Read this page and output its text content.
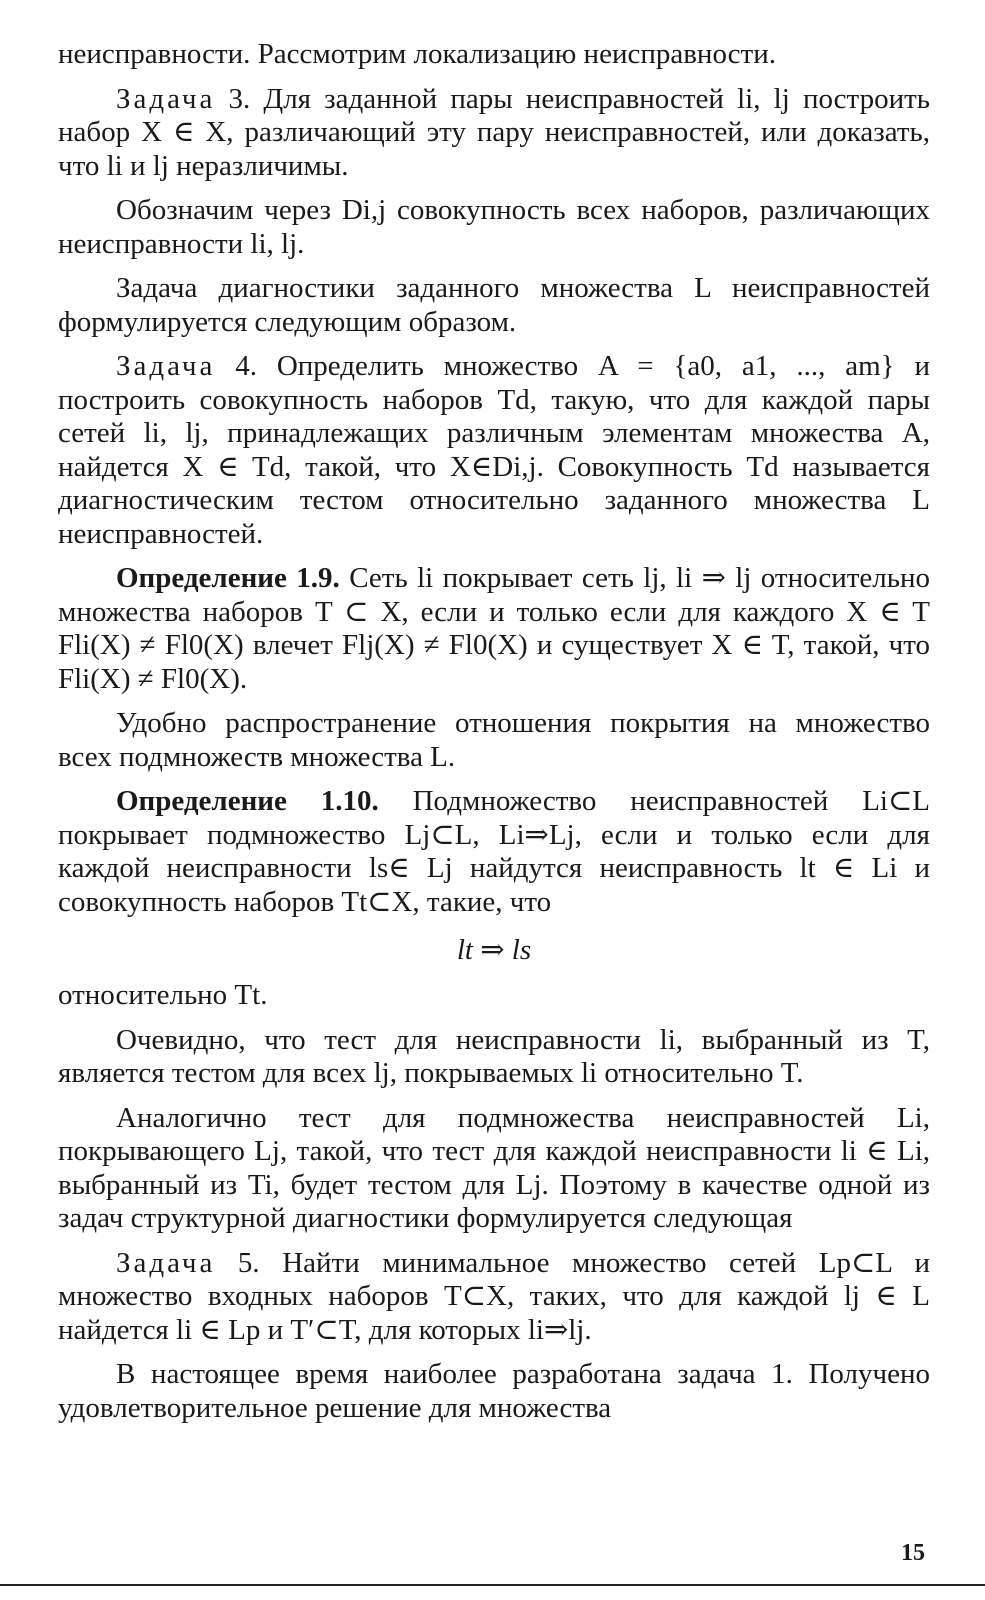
неисправности. Рассмотрим локализацию неисправности.

Задача 3. Для заданной пары неисправностей li, lj построить набор X ∈ X, различающий эту пару неисправностей, или доказать, что li и lj неразличимы.

Обозначим через Di,j совокупность всех наборов, различающих неисправности li, lj.

Задача диагностики заданного множества L неисправностей формулируется следующим образом.

Задача 4. Определить множество A = {a0, a1, ..., am} и построить совокупность наборов Td, такую, что для каждой пары сетей li, lj, принадлежащих различным элементам множества A, найдется X ∈ Td, такой, что X∈Di,j. Совокупность Td называется диагностическим тестом относительно заданного множества L неисправностей.

Определение 1.9. Сеть li покрывает сеть lj, li ⇒ lj относительно множества наборов T ⊂ X, если и только если для каждого X ∈ T Fli(X) ≠ Fl0(X) влечет Flj(X) ≠ Fl0(X) и существует X ∈ T, такой, что Fli(X) ≠ Fl0(X).

Удобно распространение отношения покрытия на множество всех подмножеств множества L.

Определение 1.10. Подмножество неисправностей Li⊂L покрывает подмножество Lj⊂L, Li⇒Lj, если и только если для каждой неисправности ls∈ Lj найдутся неисправность lt ∈ Li и совокупность наборов Tt⊂X, такие, что

lt ⇒ ls

относительно Tt.

Очевидно, что тест для неисправности li, выбранный из T, является тестом для всех lj, покрываемых li относительно T.

Аналогично тест для подмножества неисправностей Li, покрывающего Lj, такой, что тест для каждой неисправности li ∈ Li, выбранный из Ti, будет тестом для Lj. Поэтому в качестве одной из задач структурной диагностики формулируется следующая

Задача 5. Найти минимальное множество сетей Lp⊂L и множество входных наборов T⊂X, таких, что для каждой lj ∈ L найдется li ∈ Lp и T′⊂T, для которых li⇒lj.

В настоящее время наиболее разработана задача 1. Получено удовлетворительное решение для множества

15
